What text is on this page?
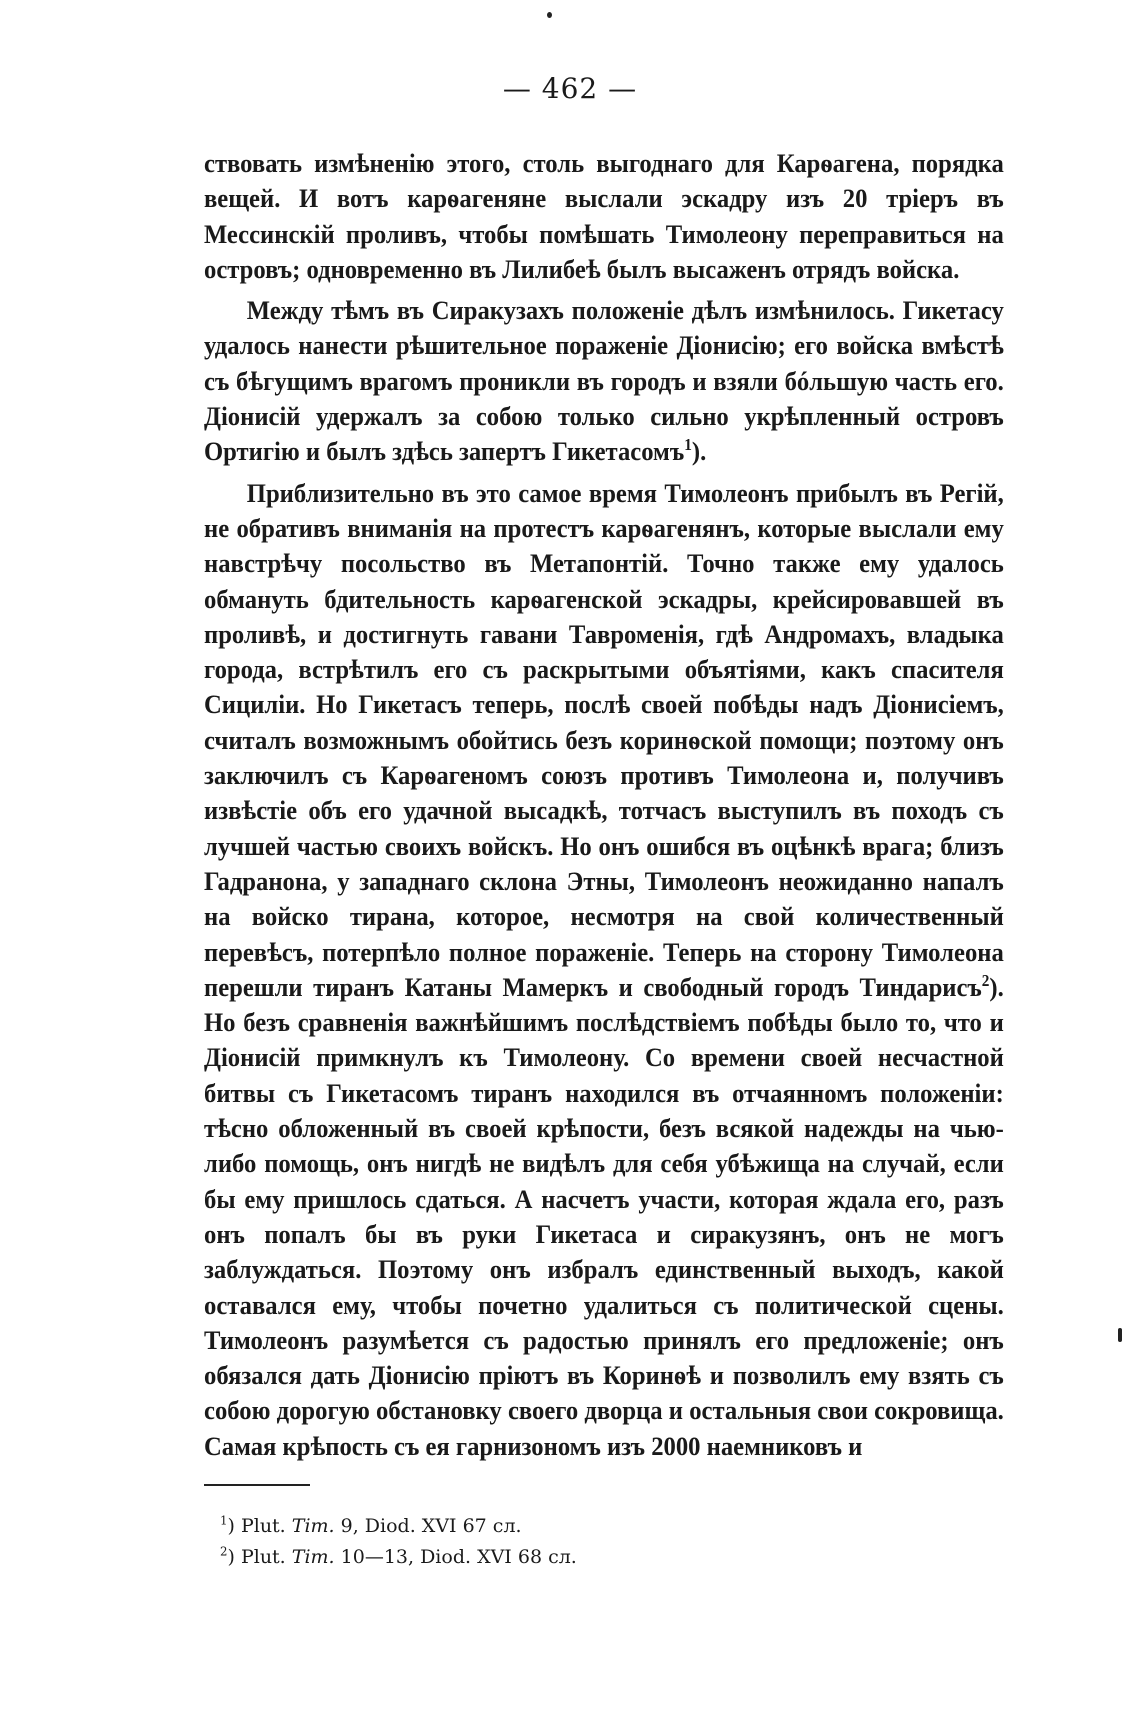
— 462 —

ствовать измѣненію этого, столь выгоднаго для Карѳагена, порядка вещей. И вотъ карѳагеняне выслали эскадру изъ 20 тріеръ въ Мессинскій проливъ, чтобы помѣшать Тимолеону переправиться на островъ; одновременно въ Лилибеѣ былъ высаженъ отрядъ войска.

Между тѣмъ въ Сиракузахъ положеніе дѣлъ измѣнилось. Гикетасу удалось нанести рѣшительное пораженіе Діонисію; его войска вмѣстѣ съ бѣгущимъ врагомъ проникли въ городъ и взяли бóльшую часть его. Діонисій удержалъ за собою только сильно укрѣпленный островъ Ортигію и былъ здѣсь запертъ Гикетасомъ$^1$).

Приблизительно въ это самое время Тимолеонъ прибылъ въ Регій, не обративъ вниманія на протестъ карѳагенянъ, которые выслали ему навстрѣчу посольство въ Метапонтій. Точно также ему удалось обмануть бдительность карѳагенской эскадры, крейсировавшей въ проливѣ, и достигнуть гавани Тавроменія, гдѣ Андромахъ, владыка города, встрѣтилъ его съ раскрытыми объятіями, какъ спасителя Сициліи. Но Гикетасъ теперь, послѣ своей побѣды надъ Діонисіемъ, считалъ возможнымъ обойтись безъ коринѳской помощи; поэтому онъ заключилъ съ Карѳагеномъ союзъ противъ Тимолеона и, получивъ извѣстіе объ его удачной высадкѣ, тотчасъ выступилъ въ походъ съ лучшей частью своихъ войскъ. Но онъ ошибся въ оцѣнкѣ врага; близъ Гадранона, у западнаго склона Этны, Тимолеонъ неожиданно напалъ на войско тирана, которое, несмотря на свой количественный перевѣсъ, потерпѣло полное пораженіе. Теперь на сторону Тимолеона перешли тиранъ Катаны Мамеркъ и свободный городъ Тиндарисъ$^2$). Но безъ сравненія важнѣйшимъ послѣдствіемъ побѣды было то, что и Діонисій примкнулъ къ Тимолеону. Со времени своей несчастной битвы съ Гикетасомъ тиранъ находился въ отчаянномъ положеніи: тѣсно обложенный въ своей крѣпости, безъ всякой надежды на чью-либо помощь, онъ нигдѣ не видѣлъ для себя убѣжища на случай, если бы ему пришлось сдаться. А насчетъ участи, которая ждала его, разъ онъ попалъ бы въ руки Гикетаса и сиракузянъ, онъ не могъ заблуждаться. Поэтому онъ избралъ единственный выходъ, какой оставался ему, чтобы почетно удалиться съ политической сцены. Тимолеонъ разумѣется съ радостью принялъ его предложеніе; онъ обязался дать Діонисію пріютъ въ Коринѳѣ и позволилъ ему взять съ собою дорогую обстановку своего дворца и остальныя свои сокровища. Самая крѣпость съ ея гарнизономъ изъ 2000 наемниковъ и

$^1$) Plut. Tim. 9, Diod. XVI 67 сл.
$^2$) Plut. Tim. 10—13, Diod. XVI 68 сл.
